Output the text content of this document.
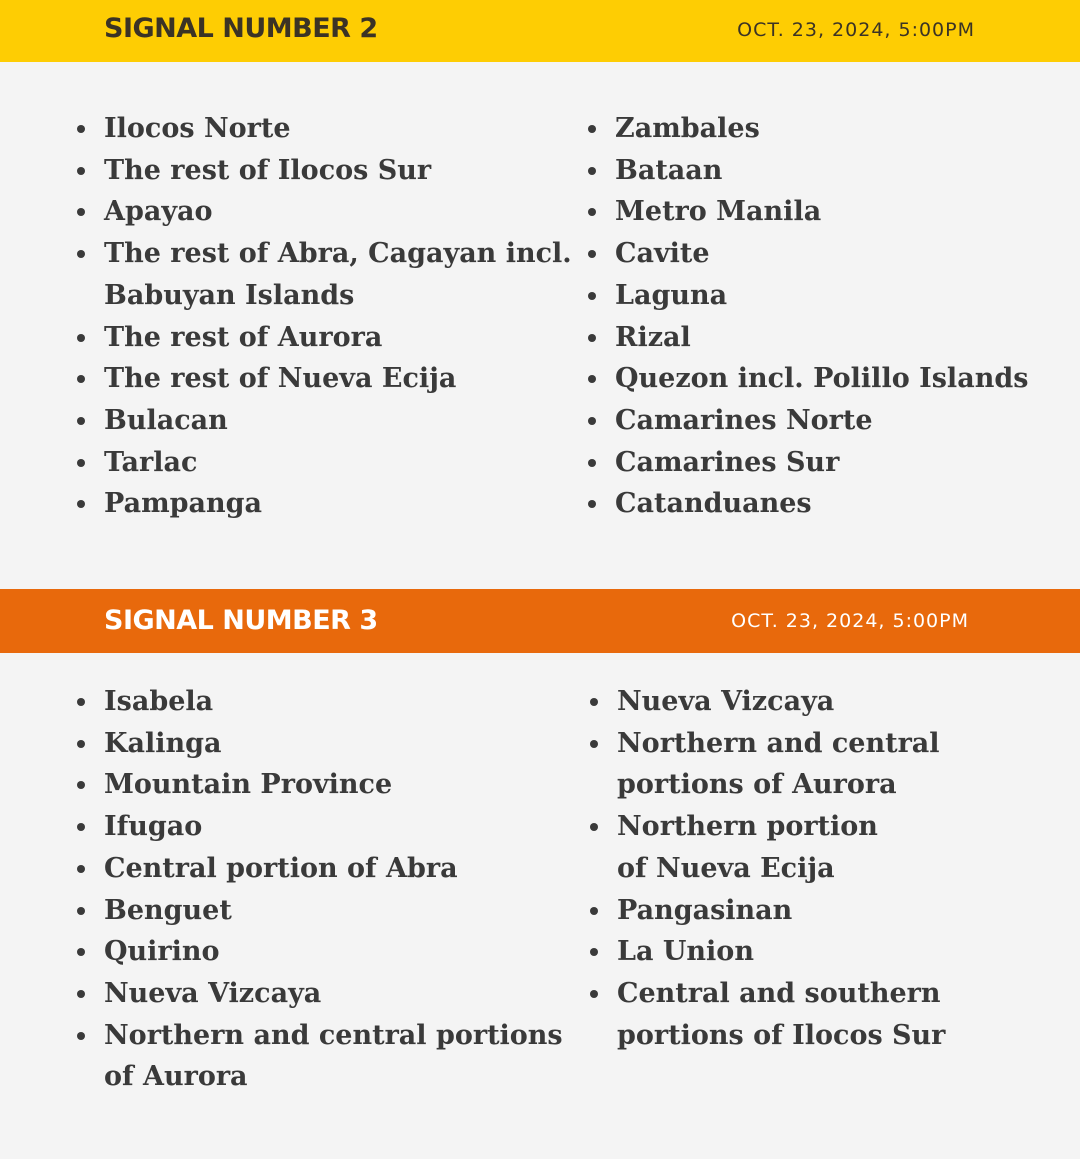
SIGNAL NUMBER 2	OCT. 23, 2024, 5:00PM
Ilocos Norte
The rest of Ilocos Sur
Apayao
The rest of Abra, Cagayan incl.
Babuyan Islands
The rest of Aurora
The rest of Nueva Ecija
Bulacan
Tarlac
Pampanga
Zambales
Bataan
Metro Manila
Cavite
Laguna
Rizal
Quezon incl. Polillo Islands
Camarines Norte
Camarines Sur
Catanduanes
SIGNAL NUMBER 3	OCT. 23, 2024, 5:00PM
Isabela
Kalinga
Mountain Province
Ifugao
Central portion of Abra
Benguet
Quirino
Nueva Vizcaya
Northern and central portions
of Aurora
Nueva Vizcaya
Northern and central
portions of Aurora
Northern portion
of Nueva Ecija
Pangasinan
La Union
Central and southern
portions of Ilocos Sur
